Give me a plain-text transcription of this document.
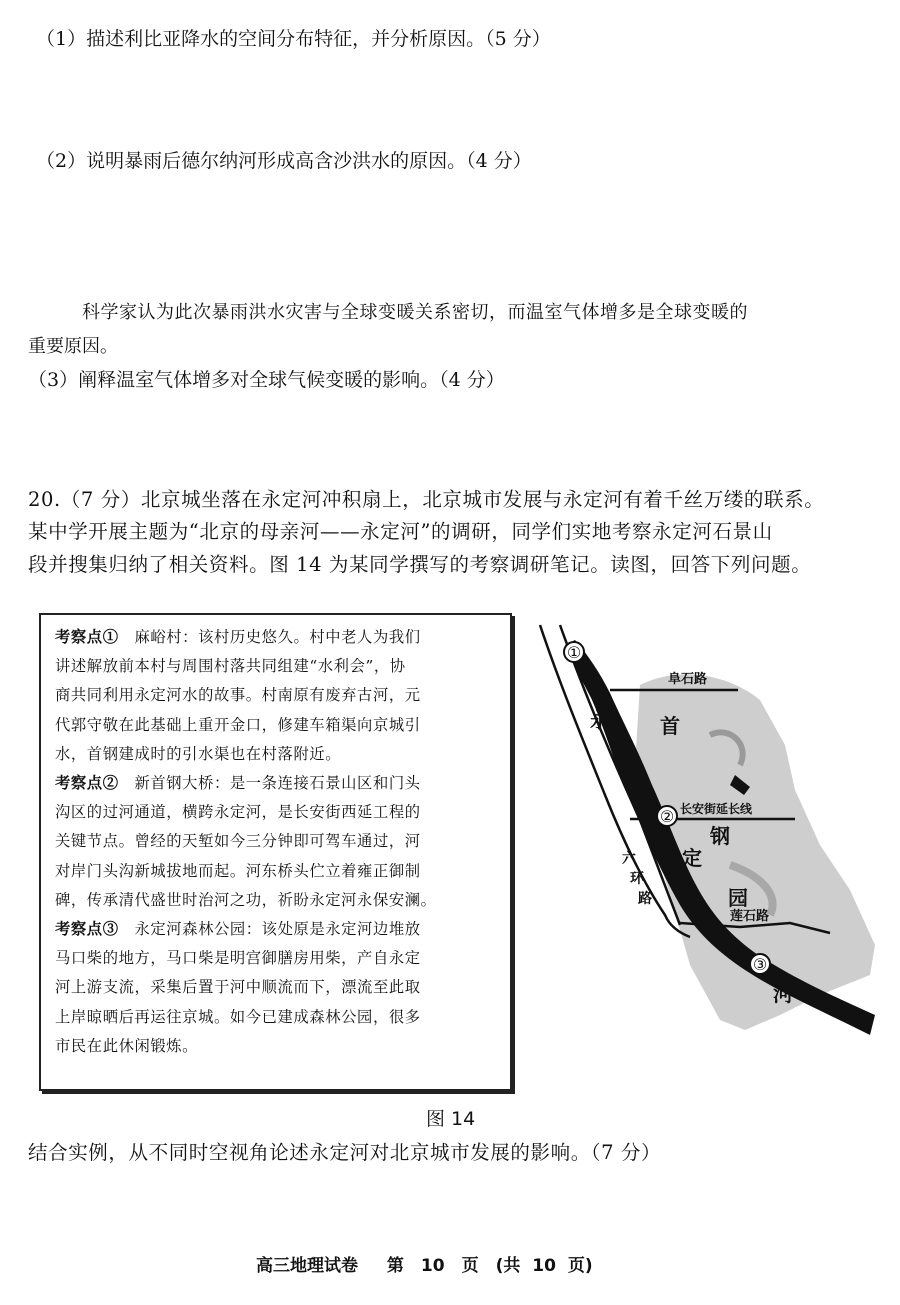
（1）描述利比亚降水的空间分布特征，并分析原因。（5 分）
（2）说明暴雨后德尔纳河形成高含沙洪水的原因。（4 分）
科学家认为此次暴雨洪水灾害与全球变暖关系密切，而温室气体增多是全球变暖的
重要原因。
（3）阐释温室气体增多对全球气候变暖的影响。（4 分）
20.（7 分）北京城坐落在永定河冲积扇上，北京城市发展与永定河有着千丝万缕的联系。
某中学开展主题为“北京的母亲河——永定河”的调研，同学们实地考察永定河石景山
段并搜集归纳了相关资料。图 14 为某同学撰写的考察调研笔记。读图，回答下列问题。

考察点①　麻峪村：该村历史悠久。村中老人为我们

讲述解放前本村与周围村落共同组建“水利会”，协

商共同利用永定河水的故事。村南原有废弃古河，元

代郭守敬在此基础上重开金口，修建车箱渠向京城引

水，首钢建成时的引水渠也在村落附近。

考察点②　新首钢大桥：是一条连接石景山区和门头

沟区的过河通道，横跨永定河，是长安街西延工程的

关键节点。曾经的天堑如今三分钟即可驾车通过，河

对岸门头沟新城拔地而起。河东桥头伫立着雍正御制

碑，传承清代盛世时治河之功，祈盼永定河永保安澜。

考察点③　永定河森林公园：该处原是永定河边堆放

马口柴的地方，马口柴是明宫御膳房用柴，产自永定

河上游支流，采集后置于河中顺流而下，漂流至此取

上岸晾晒后再运往京城。如今已建成森林公园，很多

市民在此休闲锻炼。

①
②
③
阜石路
长安街延长线
莲石路
六
环
路
永
河
首
钢
定
园
图 14
结合实例，从不同时空视角论述永定河对北京城市发展的影响。（7 分）
高三地理试卷　 第　10　页　(共 10 页)
